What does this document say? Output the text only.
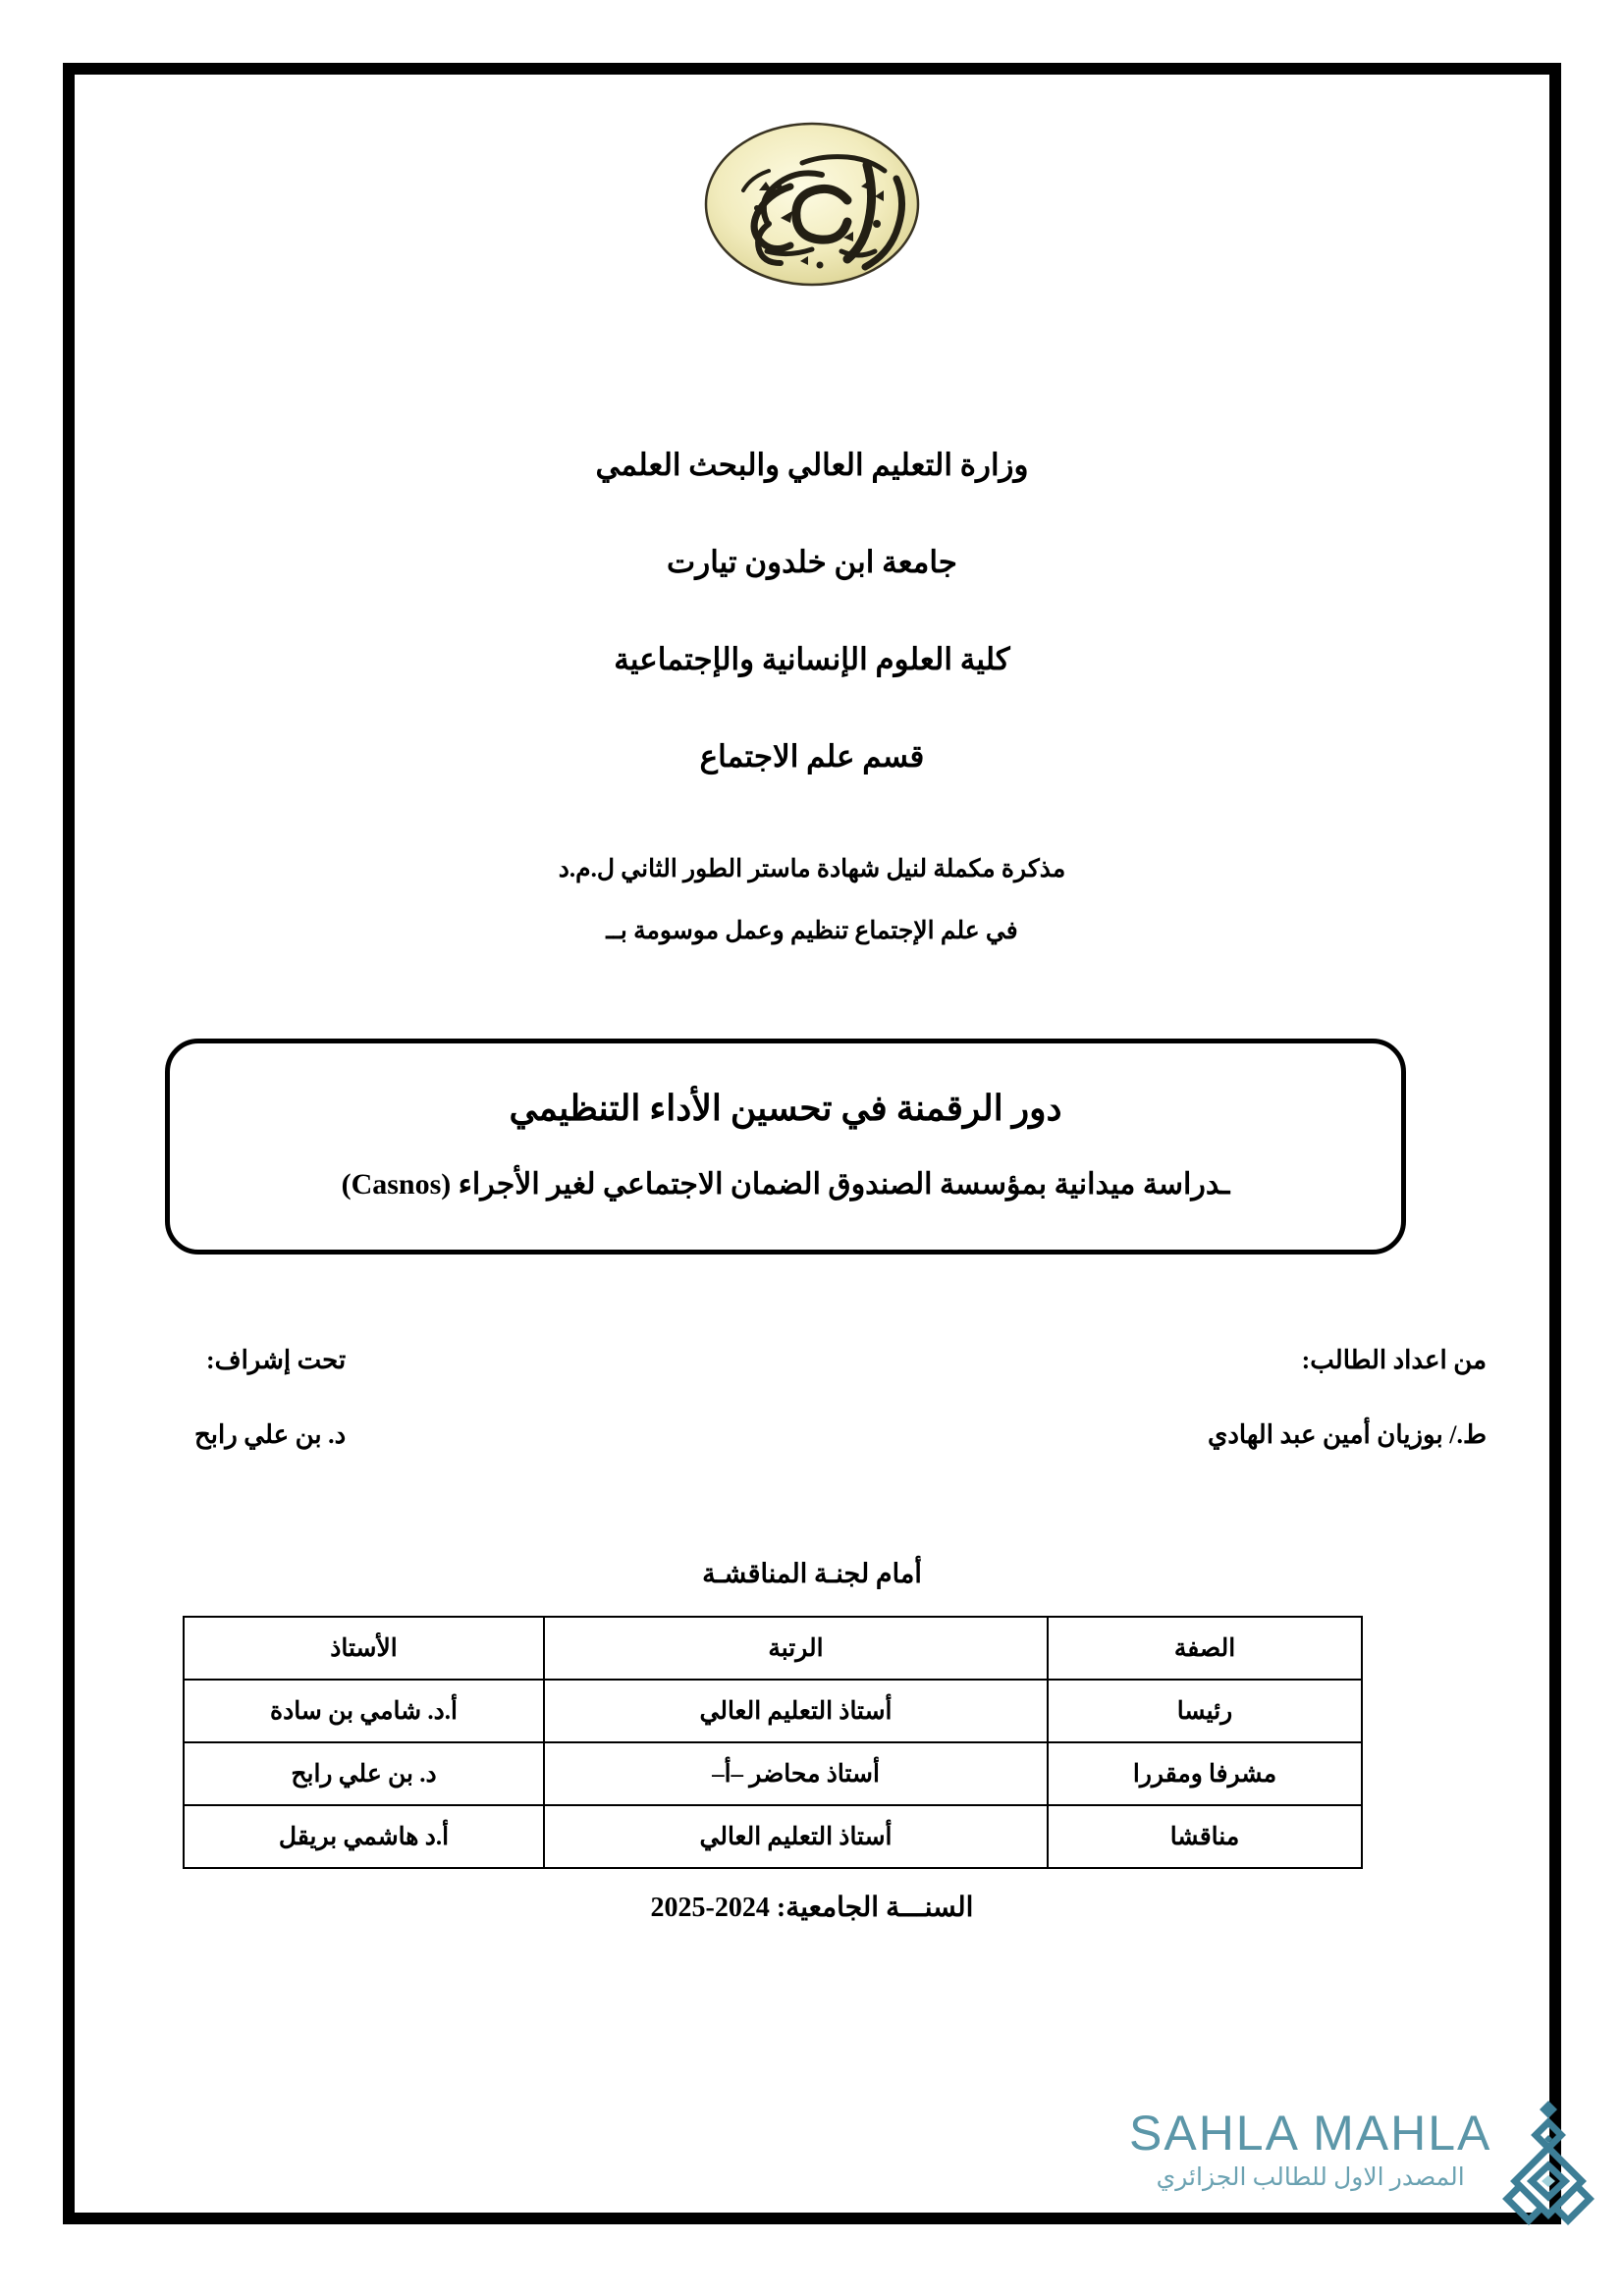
وزارة التعليم العالي والبحث العلمي

جامعة ابن خلدون تيارت

كلية العلوم الإنسانية والإجتماعية

قسم علم الاجتماع

مذكرة مكملة لنيل شهادة ماستر الطور الثاني ل.م.د

في علم الإجتماع تنظيم وعمل موسومة بــ

دور الرقمنة في تحسين الأداء التنظيمي

ـدراسة ميدانية بمؤسسة الصندوق الضمان الاجتماعي لغير الأجراء (Casnos)

من اعداد الطالب:

ط./ بوزيان أمين عبد الهادي

تحت إشراف:

د. بن علي رابح

أمام لجنـة المناقشـة
الصفة	الرتبة	الأستاذ
رئيسا	أستاذ التعليم العالي	أ.د. شامي بن سادة
مشرفا ومقررا	أستاذ محاضر –أ–	د. بن علي رابح
مناقشا	أستاذ التعليم العالي	أ.د هاشمي بريقل
السنـــة الجامعية: 2024-2025
SAHLA MAHLA
المصدر الاول للطالب الجزائري
